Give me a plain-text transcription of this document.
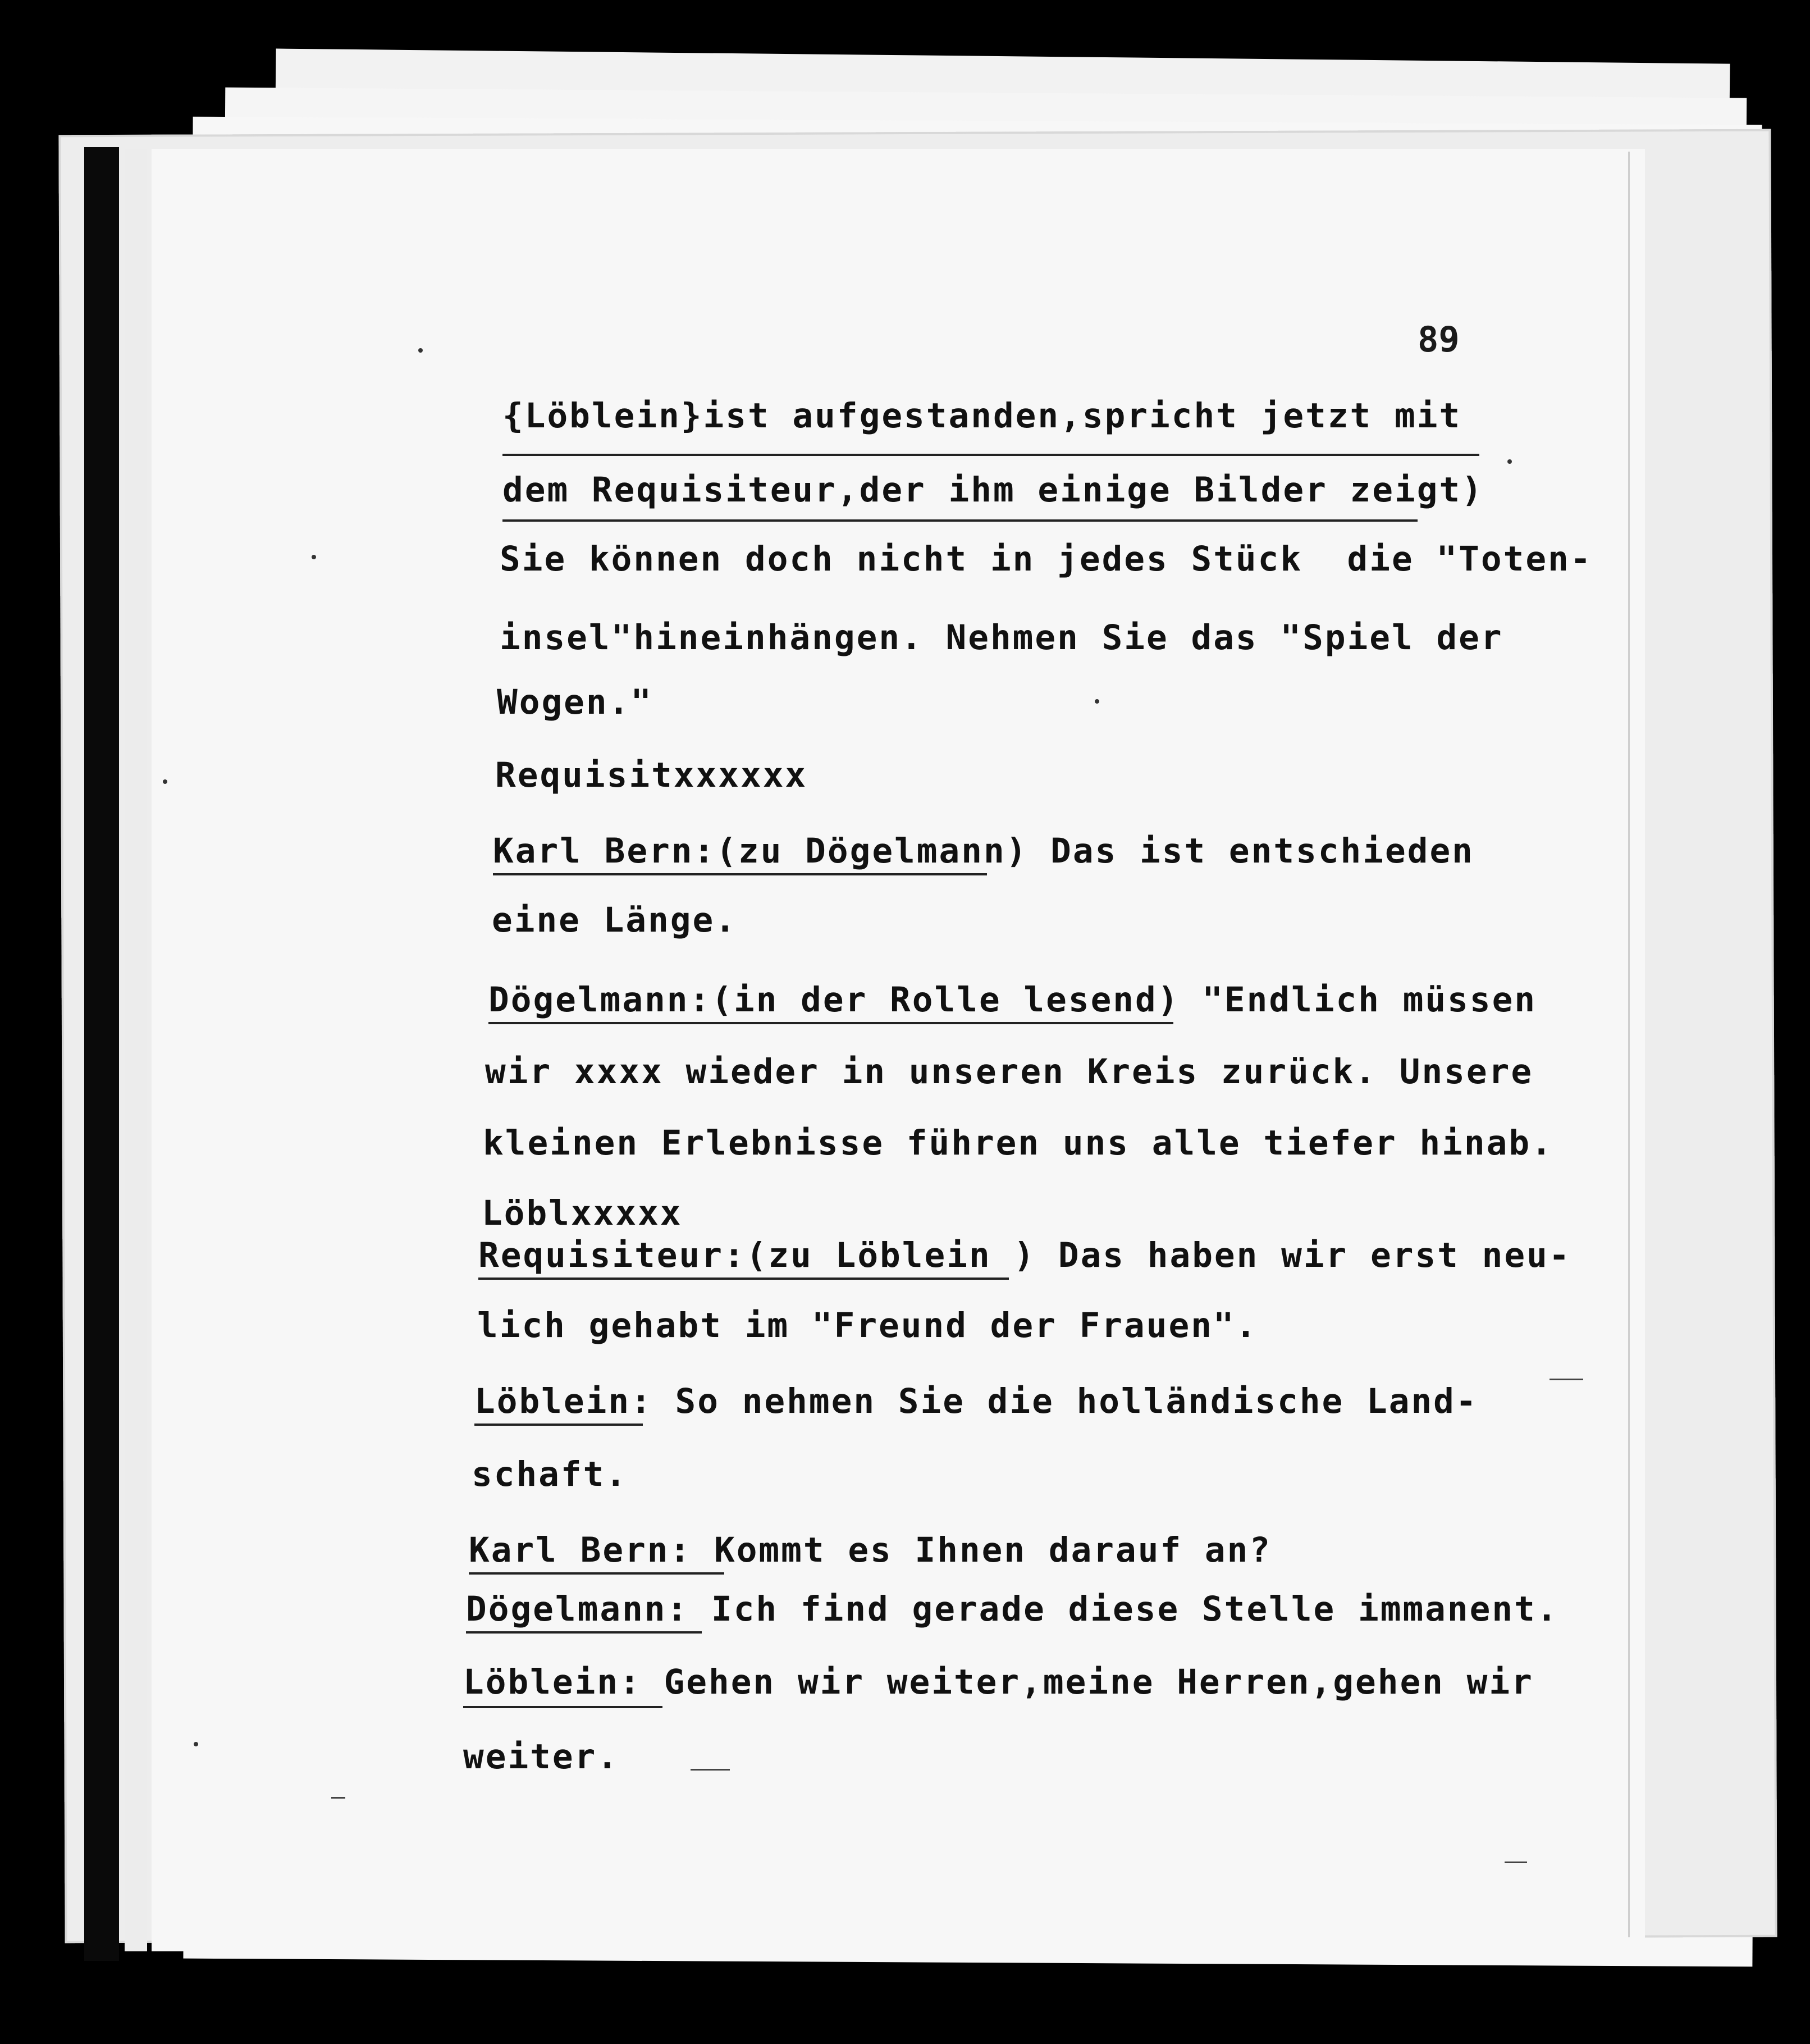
89
{Löblein}ist aufgestanden,spricht jetzt mit
dem Requisiteur,der ihm einige Bilder zeigt)
Sie können doch nicht in jedes Stück  die "Toten-
insel"hineinhängen. Nehmen Sie das "Spiel der
Wogen."
Requisitxxxxxx
Karl Bern:(zu Dögelmann) Das ist entschieden
eine Länge.
Dögelmann:(in der Rolle lesend) "Endlich müssen
wir xxxx wieder in unseren Kreis zurück. Unsere
kleinen Erlebnisse führen uns alle tiefer hinab.
Löblxxxxx
Requisiteur:(zu Löblein ) Das haben wir erst neu-
lich gehabt im "Freund der Frauen".
Löblein: So nehmen Sie die holländische Land-
schaft.
Karl Bern: Kommt es Ihnen darauf an?
Dögelmann: Ich find gerade diese Stelle immanent.
Löblein: Gehen wir weiter,meine Herren,gehen wir
weiter.
